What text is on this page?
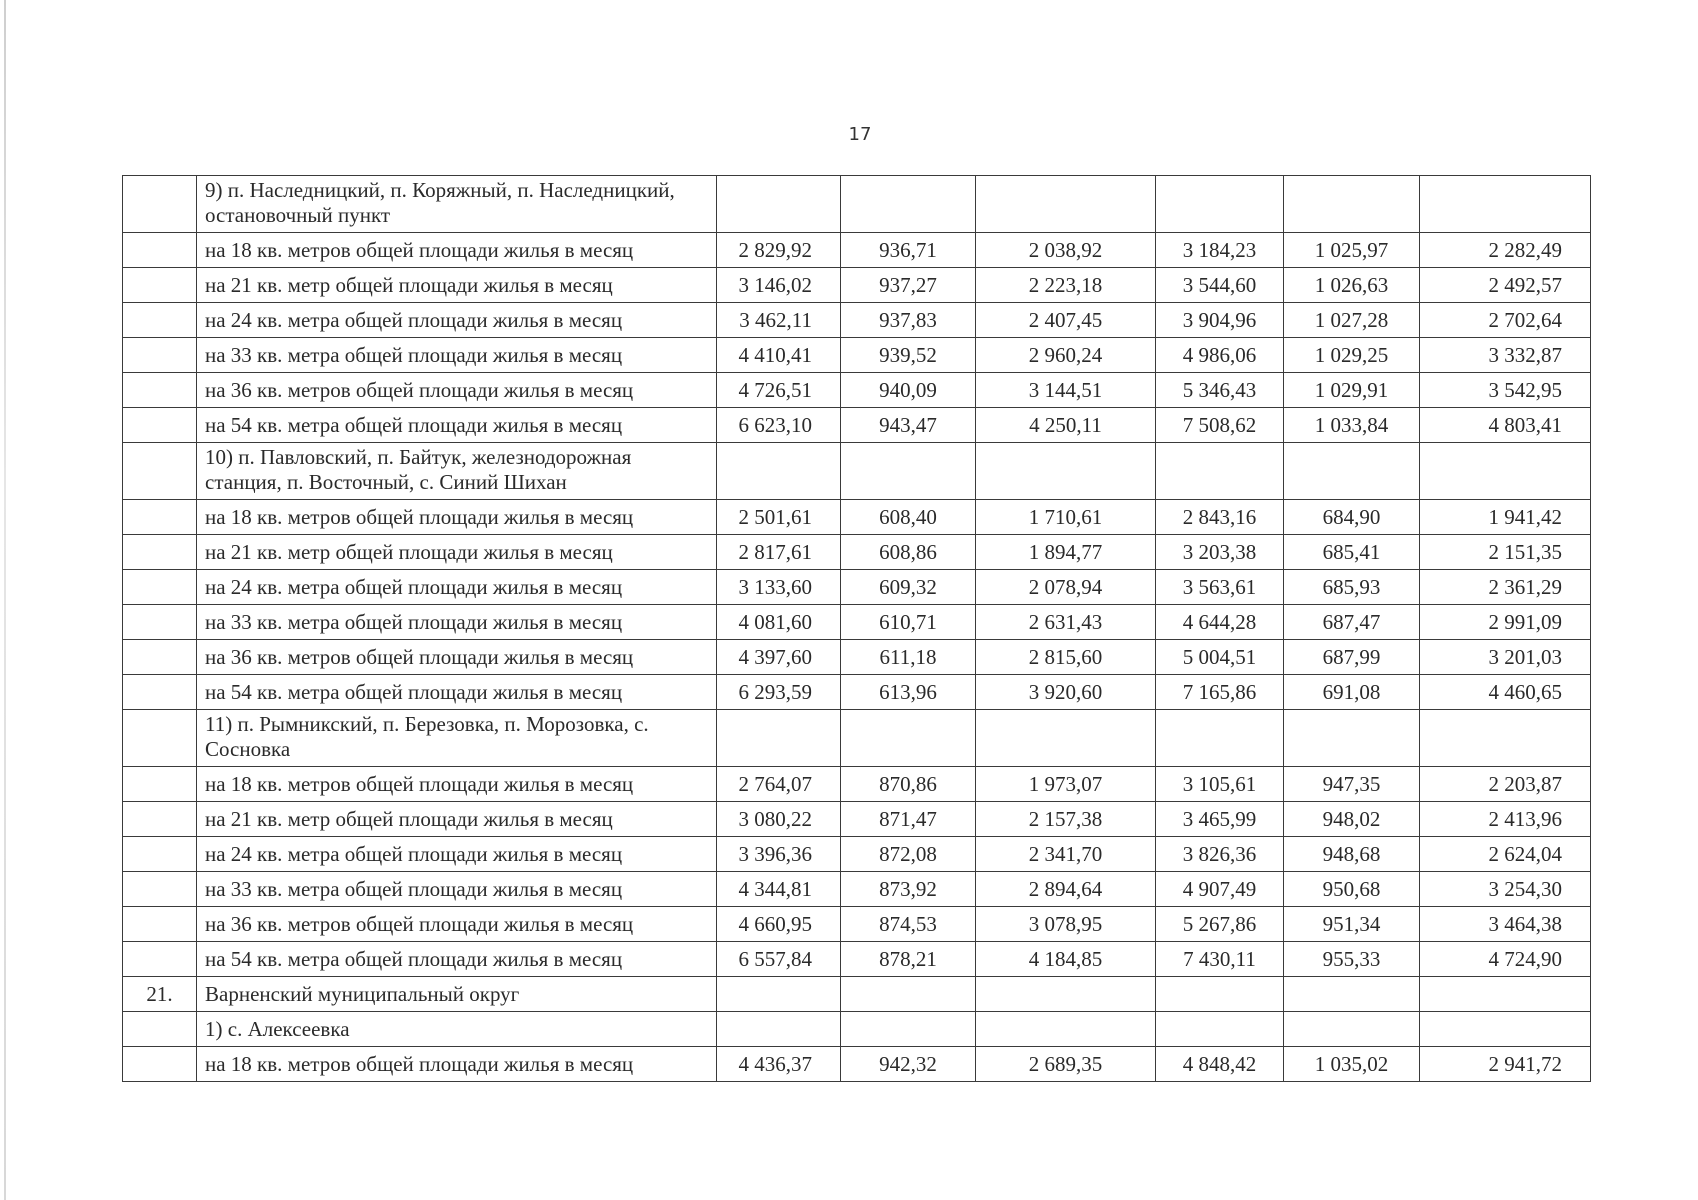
17
	9) п. Наследницкий, п. Коряжный, п. Наследницкий, остановочный пункт						
	на 18 кв. метров общей площади жилья в месяц	2 829,92	936,71	2 038,92	3 184,23	1 025,97	2 282,49
	на 21 кв. метр общей площади жилья в месяц	3 146,02	937,27	2 223,18	3 544,60	1 026,63	2 492,57
	на 24 кв. метра общей площади жилья в месяц	3 462,11	937,83	2 407,45	3 904,96	1 027,28	2 702,64
	на 33 кв. метра общей площади жилья в месяц	4 410,41	939,52	2 960,24	4 986,06	1 029,25	3 332,87
	на 36 кв. метров общей площади жилья в месяц	4 726,51	940,09	3 144,51	5 346,43	1 029,91	3 542,95
	на 54 кв. метра общей площади жилья в месяц	6 623,10	943,47	4 250,11	7 508,62	1 033,84	4 803,41
	10) п. Павловский, п. Байтук, железнодорожная станция, п. Восточный, с. Синий Шихан						
	на 18 кв. метров общей площади жилья в месяц	2 501,61	608,40	1 710,61	2 843,16	684,90	1 941,42
	на 21 кв. метр общей площади жилья в месяц	2 817,61	608,86	1 894,77	3 203,38	685,41	2 151,35
	на 24 кв. метра общей площади жилья в месяц	3 133,60	609,32	2 078,94	3 563,61	685,93	2 361,29
	на 33 кв. метра общей площади жилья в месяц	4 081,60	610,71	2 631,43	4 644,28	687,47	2 991,09
	на 36 кв. метров общей площади жилья в месяц	4 397,60	611,18	2 815,60	5 004,51	687,99	3 201,03
	на 54 кв. метра общей площади жилья в месяц	6 293,59	613,96	3 920,60	7 165,86	691,08	4 460,65
	11) п. Рымникский, п. Березовка, п. Морозовка, с. Сосновка						
	на 18 кв. метров общей площади жилья в месяц	2 764,07	870,86	1 973,07	3 105,61	947,35	2 203,87
	на 21 кв. метр общей площади жилья в месяц	3 080,22	871,47	2 157,38	3 465,99	948,02	2 413,96
	на 24 кв. метра общей площади жилья в месяц	3 396,36	872,08	2 341,70	3 826,36	948,68	2 624,04
	на 33 кв. метра общей площади жилья в месяц	4 344,81	873,92	2 894,64	4 907,49	950,68	3 254,30
	на 36 кв. метров общей площади жилья в месяц	4 660,95	874,53	3 078,95	5 267,86	951,34	3 464,38
	на 54 кв. метра общей площади жилья в месяц	6 557,84	878,21	4 184,85	7 430,11	955,33	4 724,90
21.	Варненский муниципальный округ						
	1) с. Алексеевка						
	на 18 кв. метров общей площади жилья в месяц	4 436,37	942,32	2 689,35	4 848,42	1 035,02	2 941,72
